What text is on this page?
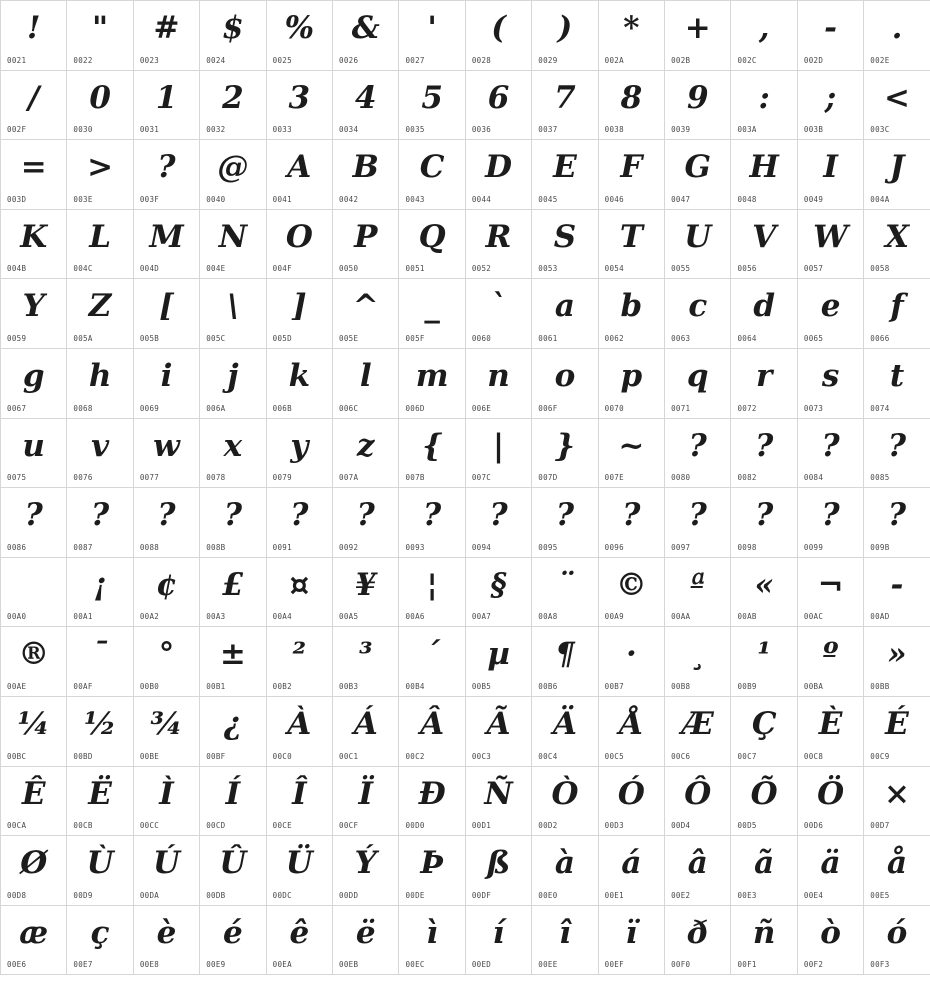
!
0021
"
0022
#
0023
$
0024
%
0025
&
0026
'
0027
(
0028
)
0029
*
002A
+
002B
,
002C
-
002D
.
002E
/
002F
0
0030
1
0031
2
0032
3
0033
4
0034
5
0035
6
0036
7
0037
8
0038
9
0039
:
003A
;
003B
<
003C
=
003D
>
003E
?
003F
@
0040
A
0041
B
0042
C
0043
D
0044
E
0045
F
0046
G
0047
H
0048
I
0049
J
004A
K
004B
L
004C
M
004D
N
004E
O
004F
P
0050
Q
0051
R
0052
S
0053
T
0054
U
0055
V
0056
W
0057
X
0058
Y
0059
Z
005A
[
005B
\
005C
]
005D
^
005E
_
005F
`
0060
a
0061
b
0062
c
0063
d
0064
e
0065
f
0066
g
0067
h
0068
i
0069
j
006A
k
006B
l
006C
m
006D
n
006E
o
006F
p
0070
q
0071
r
0072
s
0073
t
0074
u
0075
v
0076
w
0077
x
0078
y
0079
z
007A
{
007B
|
007C
}
007D
~
007E
?
0080
?
0082
?
0084
?
0085
?
0086
?
0087
?
0088
?
008B
?
0091
?
0092
?
0093
?
0094
?
0095
?
0096
?
0097
?
0098
?
0099
?
009B
00A0
¡
00A1
¢
00A2
£
00A3
¤
00A4
¥
00A5
¦
00A6
§
00A7
¨
00A8
©
00A9
ª
00AA
«
00AB
¬
00AC
-
00AD
®
00AE
¯
00AF
°
00B0
±
00B1
²
00B2
³
00B3
´
00B4
µ
00B5
¶
00B6
·
00B7
¸
00B8
¹
00B9
º
00BA
»
00BB
¼
00BC
½
00BD
¾
00BE
¿
00BF
À
00C0
Á
00C1
Â
00C2
Ã
00C3
Ä
00C4
Å
00C5
Æ
00C6
Ç
00C7
È
00C8
É
00C9
Ê
00CA
Ë
00CB
Ì
00CC
Í
00CD
Î
00CE
Ï
00CF
Ð
00D0
Ñ
00D1
Ò
00D2
Ó
00D3
Ô
00D4
Õ
00D5
Ö
00D6
×
00D7
Ø
00D8
Ù
00D9
Ú
00DA
Û
00DB
Ü
00DC
Ý
00DD
Þ
00DE
ß
00DF
à
00E0
á
00E1
â
00E2
ã
00E3
ä
00E4
å
00E5
æ
00E6
ç
00E7
è
00E8
é
00E9
ê
00EA
ë
00EB
ì
00EC
í
00ED
î
00EE
ï
00EF
ð
00F0
ñ
00F1
ò
00F2
ó
00F3
